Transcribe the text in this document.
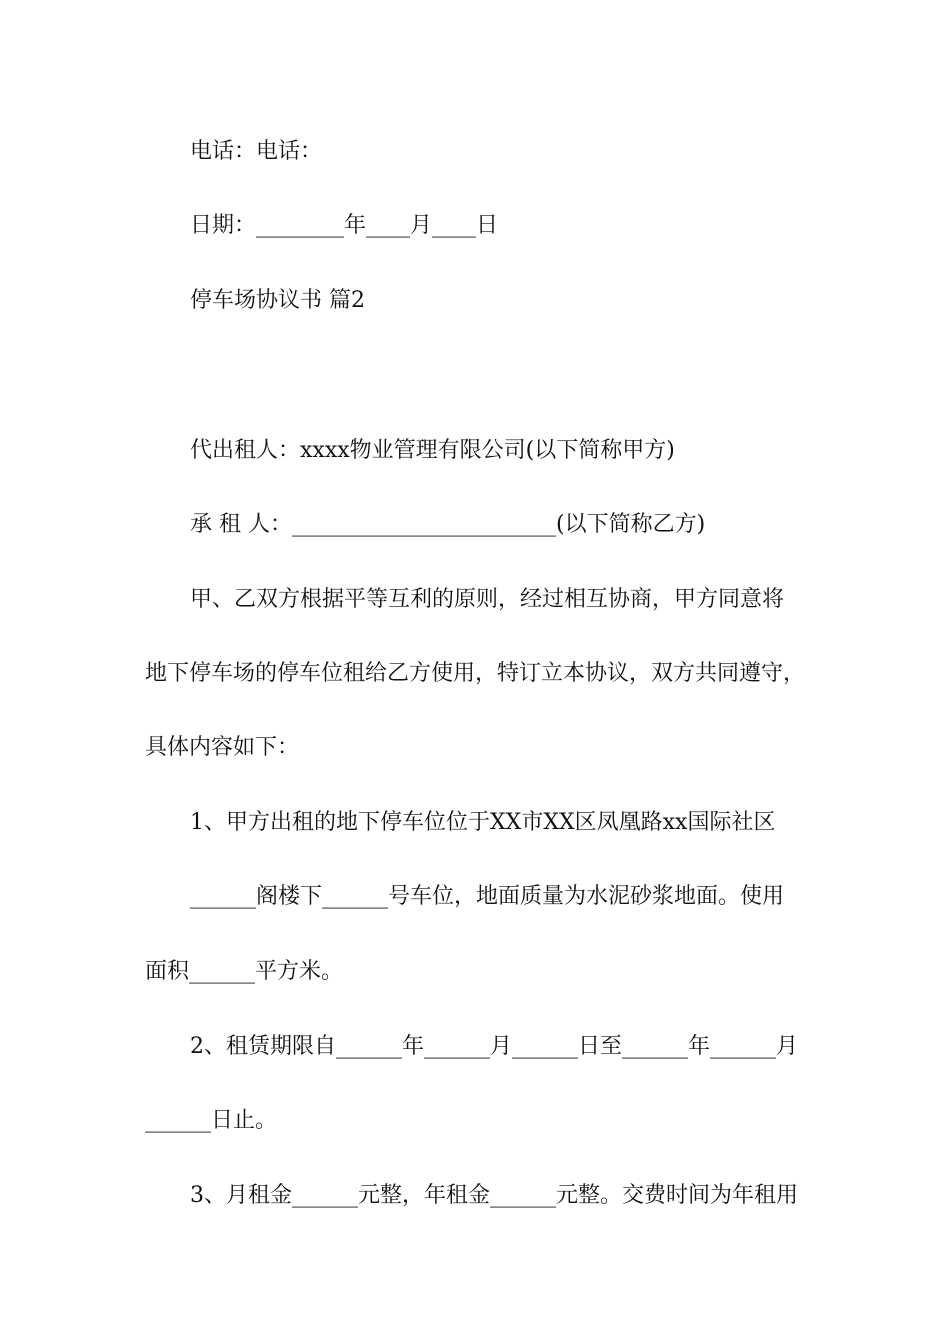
电话：电话：
日期：________年____月____日
停车场协议书 篇2
代出租人：xxxx物业管理有限公司(以下简称甲方)
承 租 人：________________________(以下简称乙方)
甲、乙双方根据平等互利的原则，经过相互协商，甲方同意将
地下停车场的停车位租给乙方使用，特订立本协议，双方共同遵守，
具体内容如下：
1、甲方出租的地下停车位位于XX市XX区凤凰路xx国际社区
______阁楼下______号车位，地面质量为水泥砂浆地面。使用
面积______平方米。
2、租赁期限自______年______月______日至______年______月
______日止。
3、月租金______元整，年租金______元整。交费时间为年租用
